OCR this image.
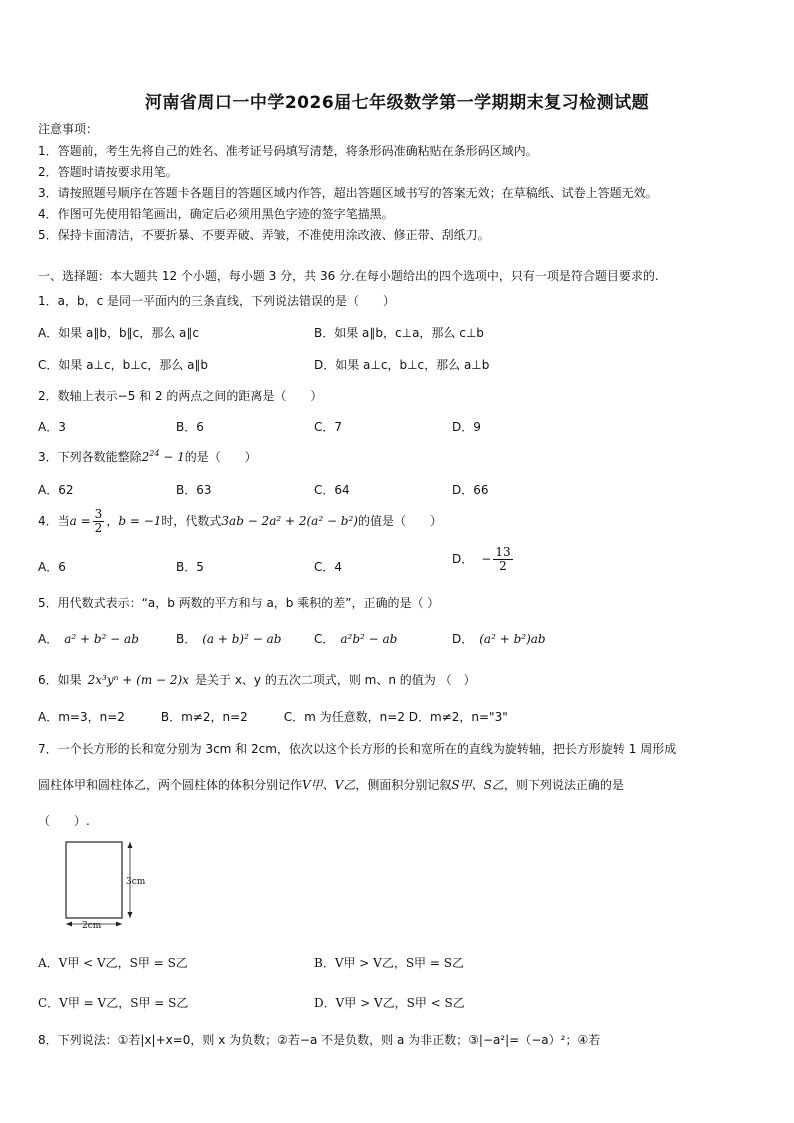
河南省周口一中学2026届七年级数学第一学期期末复习检测试题
注意事项：
1．答题前，考生先将自己的姓名、准考证号码填写清楚，将条形码准确粘贴在条形码区域内。
2．答题时请按要求用笔。
3．请按照题号顺序在答题卡各题目的答题区域内作答，超出答题区域书写的答案无效；在草稿纸、试卷上答题无效。
4．作图可先使用铅笔画出，确定后必须用黑色字迹的签字笔描黑。
5．保持卡面清洁，不要折暴、不要弄破、弄皱，不准使用涂改液、修正带、刮纸刀。
一、选择题：本大题共 12 个小题，每小题 3 分，共 36 分.在每小题给出的四个选项中，只有一项是符合题目要求的.
1．a，b，c 是同一平面内的三条直线，下列说法错误的是（　　）
A．如果 a∥b，b∥c，那么 a∥c	B．如果 a∥b，c⊥a，那么 c⊥b
C．如果 a⊥c，b⊥c，那么 a∥b	D．如果 a⊥c，b⊥c，那么 a⊥b
2．数轴上表示−5 和 2 的两点之间的距离是（　　）
A．3	B．6	C．7	D．9
3．下列各数能整除$2^{24} - 1$的是（　　）
A．62	B．63	C．64	D．66
4．当$a = \frac{3}{2}$ ，b = −1时，代数式3ab − 2a² + 2(a² − b²)的值是（　　）
A．6	B．5	C．4
D． − $\frac{13}{2}$
5．用代数式表示：“a，b 两数的平方和与 a，b 乘积的差”，正确的是（ ）
A． a² + b² − ab	B． (a + b)² − ab	C． a²b² − ab	D． (a² + b²)ab
6．如果 2x³yⁿ + (m − 2)x 是关于 x、y 的五次二项式，则 m、n 的值为 （　）
A．m=3，n=2　　　B．m≠2，n=2　　　C．m 为任意数，n=2 D．m≠2，n="3"
7．一个长方形的长和宽分别为 3cm 和 2cm，依次以这个长方形的长和宽所在的直线为旋转轴，把长方形旋转 1 周形成
圆柱体甲和圆柱体乙，两个圆柱体的体积分别记作V甲、V乙，侧面积分别记叙S甲、S乙，则下列说法正确的是
（　　）.
3cm
2cm
A．V甲 < V乙，S甲 = S乙	B．V甲 > V乙，S甲 = S乙
C．V甲 = V乙，S甲 = S乙	D．V甲 > V乙，S甲 < S乙
8．下列说法：①若|x|+x=0，则 x 为负数；②若−a 不是负数，则 a 为非正数；③|−a²|=（−a）²；④若
